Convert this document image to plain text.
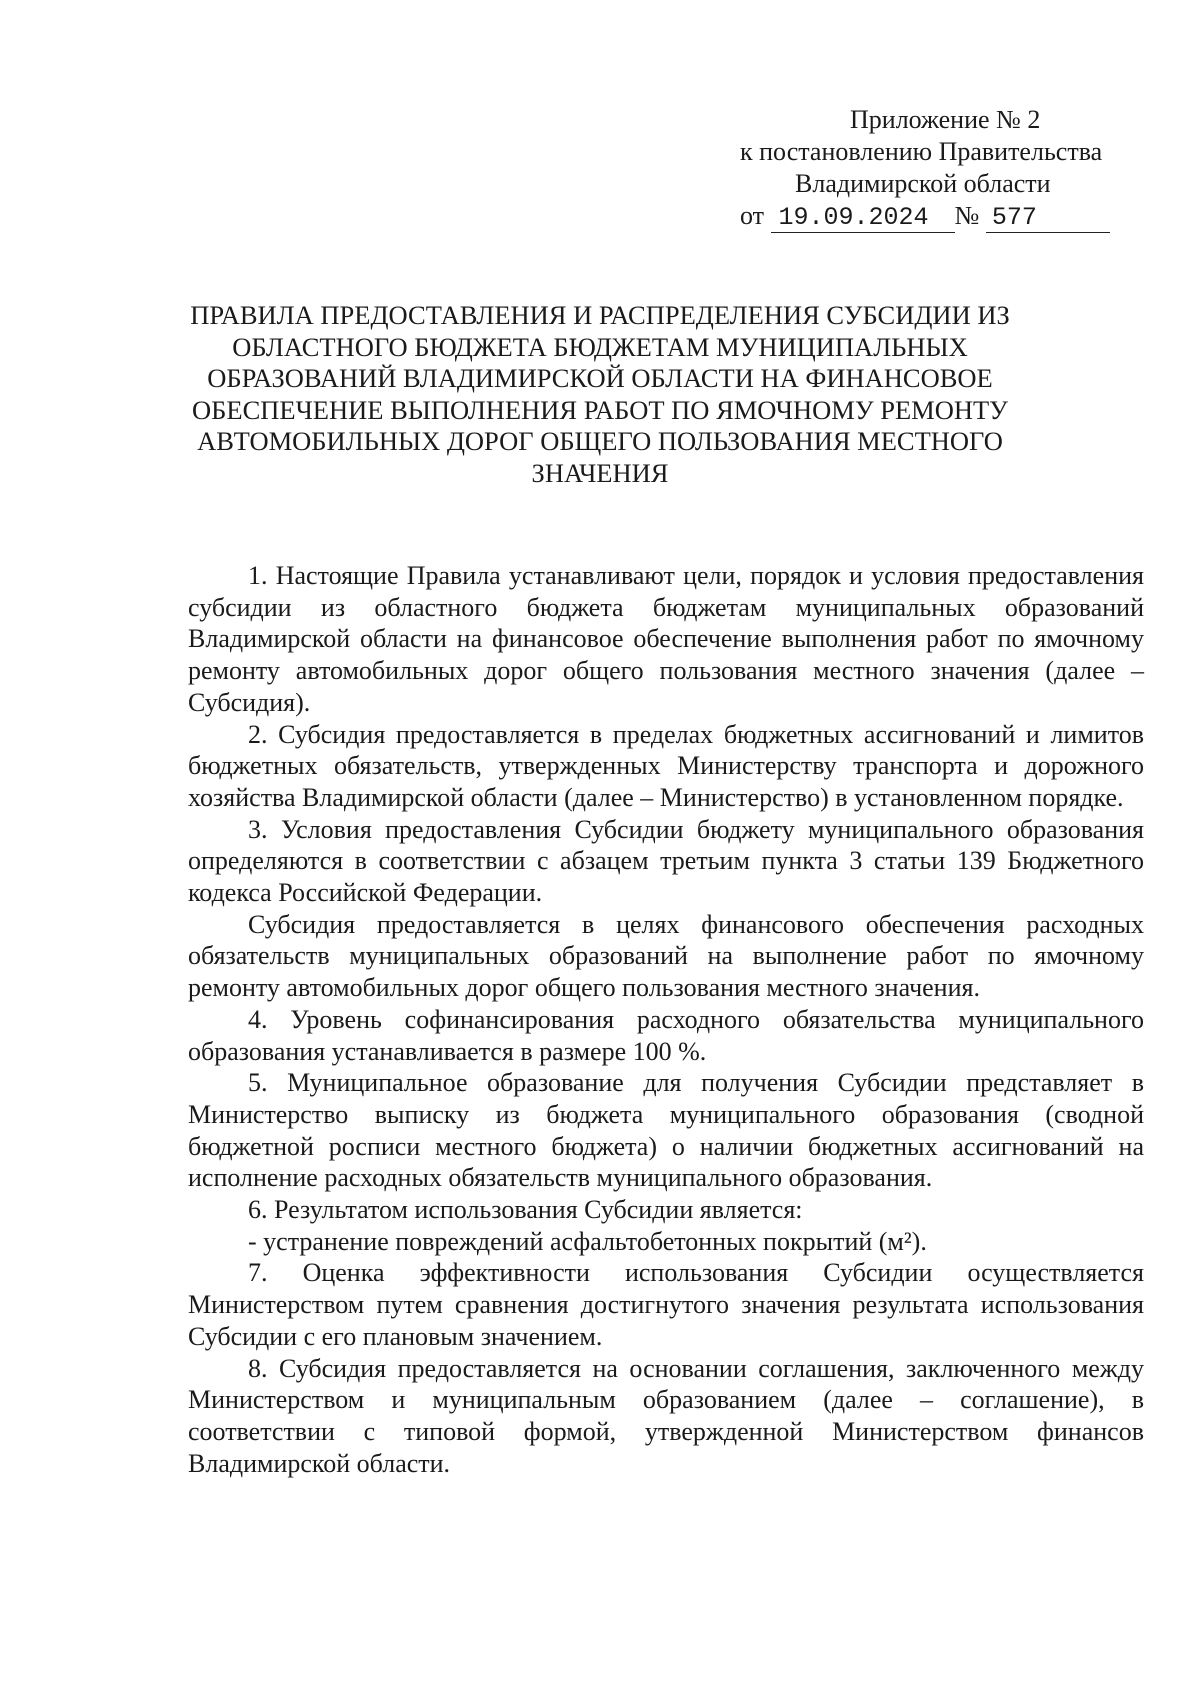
Приложение № 2
к постановлению Правительства
Владимирской области
от 19.09.2024 № 577
ПРАВИЛА ПРЕДОСТАВЛЕНИЯ И РАСПРЕДЕЛЕНИЯ СУБСИДИИ ИЗ
ОБЛАСТНОГО БЮДЖЕТА БЮДЖЕТАМ МУНИЦИПАЛЬНЫХ
ОБРАЗОВАНИЙ ВЛАДИМИРСКОЙ ОБЛАСТИ НА ФИНАНСОВОЕ
ОБЕСПЕЧЕНИЕ ВЫПОЛНЕНИЯ РАБОТ ПО ЯМОЧНОМУ РЕМОНТУ
АВТОМОБИЛЬНЫХ ДОРОГ ОБЩЕГО ПОЛЬЗОВАНИЯ МЕСТНОГО
ЗНАЧЕНИЯ

1. Настоящие Правила устанавливают цели, порядок и условия предоставления субсидии из областного бюджета бюджетам муниципальных образований Владимирской области на финансовое обеспечение выполнения работ по ямочному ремонту автомобильных дорог общего пользования местного значения (далее – Субсидия).

2. Субсидия предоставляется в пределах бюджетных ассигнований и лимитов бюджетных обязательств, утвержденных Министерству транспорта и дорожного хозяйства Владимирской области (далее – Министерство) в установленном порядке.

3. Условия предоставления Субсидии бюджету муниципального образования определяются в соответствии с абзацем третьим пункта 3 статьи 139 Бюджетного кодекса Российской Федерации.

Субсидия предоставляется в целях финансового обеспечения расходных обязательств муниципальных образований на выполнение работ по ямочному ремонту автомобильных дорог общего пользования местного значения.

4. Уровень софинансирования расходного обязательства муниципального образования устанавливается в размере 100 %.

5. Муниципальное образование для получения Субсидии представляет в Министерство выписку из бюджета муниципального образования (сводной бюджетной росписи местного бюджета) о наличии бюджетных ассигнований на исполнение расходных обязательств муниципального образования.

6. Результатом использования Субсидии является:

- устранение повреждений асфальтобетонных покрытий (м²).

7. Оценка эффективности использования Субсидии осуществляется Министерством путем сравнения достигнутого значения результата использования Субсидии с его плановым значением.

8. Субсидия предоставляется на основании соглашения, заключенного между Министерством и муниципальным образованием (далее – соглашение), в соответствии с типовой формой, утвержденной Министерством финансов Владимирской области.
